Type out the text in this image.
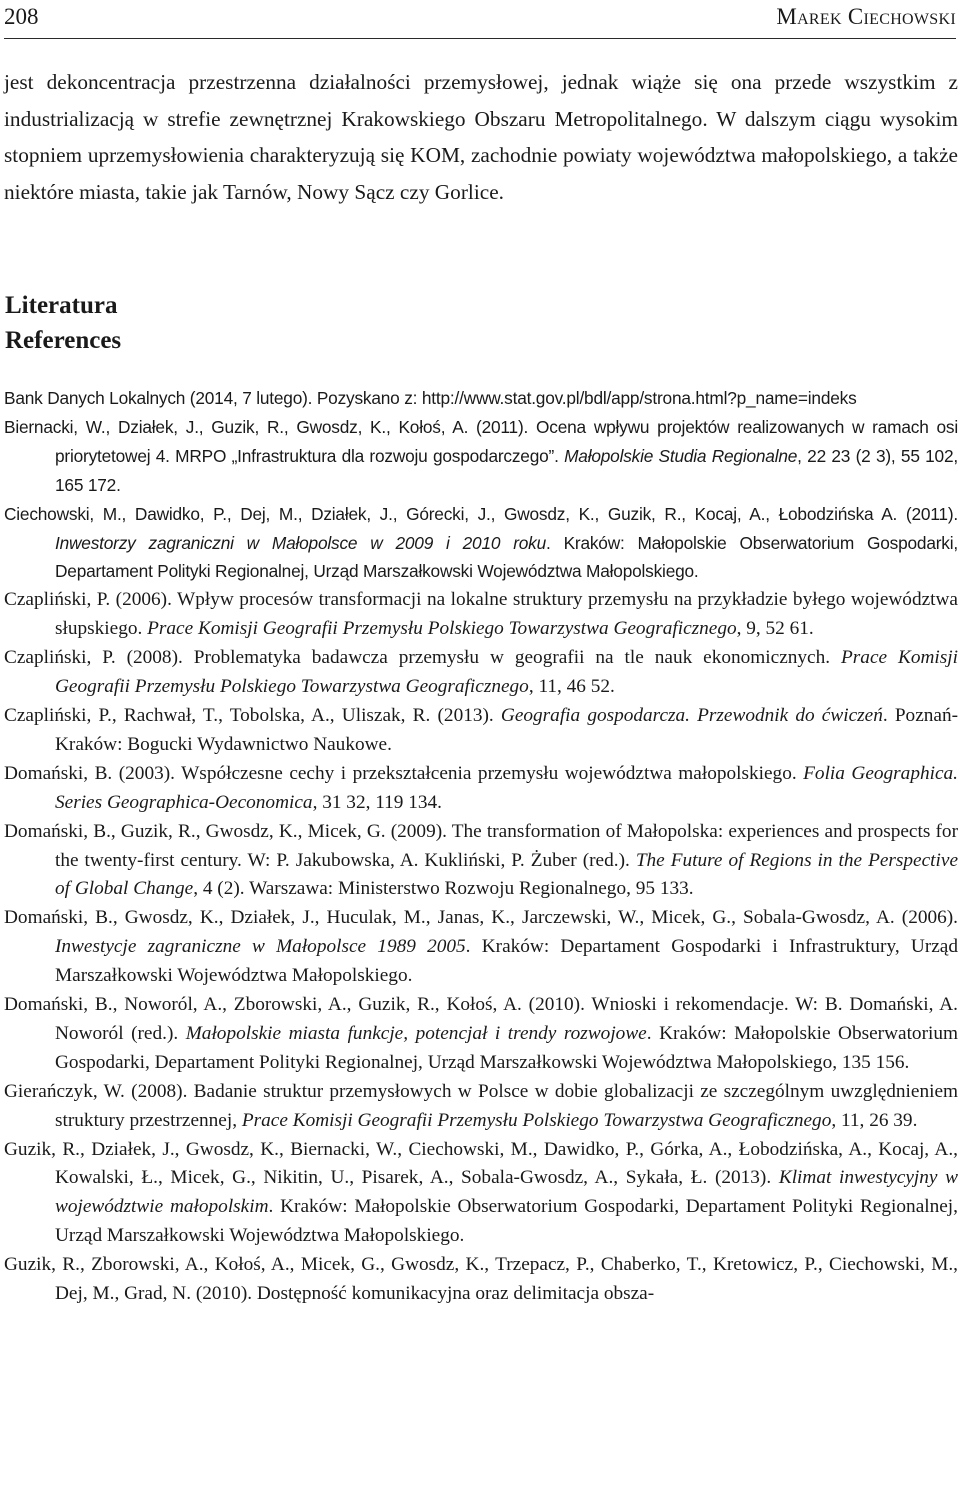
208	Marek Ciechowski

jest dekoncentracja przestrzenna działalności przemysłowej, jednak wiąże się ona przede wszystkim z industrializacją w strefie zewnętrznej Krakowskiego Obszaru Metropolitalnego. W dalszym ciągu wysokim stopniem uprzemysłowienia charakteryzują się KOM, zachodnie powiaty województwa małopolskiego, a także niektóre miasta, takie jak Tarnów, Nowy Sącz czy Gorlice.

Literatura
References
Bank Danych Lokalnych (2014, 7 lutego). Pozyskano z: http://www.stat.gov.pl/bdl/app/strona.html?p_name=indeks
Biernacki, W., Działek, J., Guzik, R., Gwosdz, K., Kołoś, A. (2011). Ocena wpływu projektów realizowanych w ramach osi priorytetowej 4. MRPO „Infrastruktura dla rozwoju gospodarczego”. Małopolskie Studia Regionalne, 22 23 (2 3), 55 102, 165 172.
Ciechowski, M., Dawidko, P., Dej, M., Działek, J., Górecki, J., Gwosdz, K., Guzik, R., Kocaj, A., Łobodzińska A. (2011). Inwestorzy zagraniczni w Małopolsce w 2009 i 2010 roku. Kraków: Małopolskie Obserwatorium Gospodarki, Departament Polityki Regionalnej, Urząd Marszałkowski Województwa Małopolskiego.
Czapliński, P. (2006). Wpływ procesów transformacji na lokalne struktury przemysłu na przykładzie byłego województwa słupskiego. Prace Komisji Geografii Przemysłu Polskiego Towarzystwa Geograficznego, 9, 52 61.
Czapliński, P. (2008). Problematyka badawcza przemysłu w geografii na tle nauk ekonomicznych. Prace Komisji Geografii Przemysłu Polskiego Towarzystwa Geograficznego, 11, 46 52.
Czapliński, P., Rachwał, T., Tobolska, A., Uliszak, R. (2013). Geografia gospodarcza. Przewodnik do ćwiczeń. Poznań-Kraków: Bogucki Wydawnictwo Naukowe.
Domański, B. (2003). Współczesne cechy i przekształcenia przemysłu województwa małopolskiego. Folia Geographica. Series Geographica-Oeconomica, 31 32, 119 134.
Domański, B., Guzik, R., Gwosdz, K., Micek, G. (2009). The transformation of Małopolska: experiences and prospects for the twenty-first century. W: P. Jakubowska, A. Kukliński, P. Żuber (red.). The Future of Regions in the Perspective of Global Change, 4 (2). Warszawa: Ministerstwo Rozwoju Regionalnego, 95 133.
Domański, B., Gwosdz, K., Działek, J., Huculak, M., Janas, K., Jarczewski, W., Micek, G., Sobala-Gwosdz, A. (2006). Inwestycje zagraniczne w Małopolsce 1989 2005. Kraków: Departament Gospodarki i Infrastruktury, Urząd Marszałkowski Województwa Małopolskiego.
Domański, B., Noworól, A., Zborowski, A., Guzik, R., Kołoś, A. (2010). Wnioski i rekomendacje. W: B. Domański, A. Noworól (red.). Małopolskie miasta funkcje, potencjał i trendy rozwojowe. Kraków: Małopolskie Obserwatorium Gospodarki, Departament Polityki Regionalnej, Urząd Marszałkowski Województwa Małopolskiego, 135 156.
Gierańczyk, W. (2008). Badanie struktur przemysłowych w Polsce w dobie globalizacji ze szczególnym uwzględnieniem struktury przestrzennej, Prace Komisji Geografii Przemysłu Polskiego Towarzystwa Geograficznego, 11, 26 39.
Guzik, R., Działek, J., Gwosdz, K., Biernacki, W., Ciechowski, M., Dawidko, P., Górka, A., Łobodzińska, A., Kocaj, A., Kowalski, Ł., Micek, G., Nikitin, U., Pisarek, A., Sobala-Gwosdz, A., Sykała, Ł. (2013). Klimat inwestycyjny w województwie małopolskim. Kraków: Małopolskie Obserwatorium Gospodarki, Departament Polityki Regionalnej, Urząd Marszałkowski Województwa Małopolskiego.
Guzik, R., Zborowski, A., Kołoś, A., Micek, G., Gwosdz, K., Trzepacz, P., Chaberko, T., Kretowicz, P., Ciechowski, M., Dej, M., Grad, N. (2010). Dostępność komunikacyjna oraz delimitacja obsza-
